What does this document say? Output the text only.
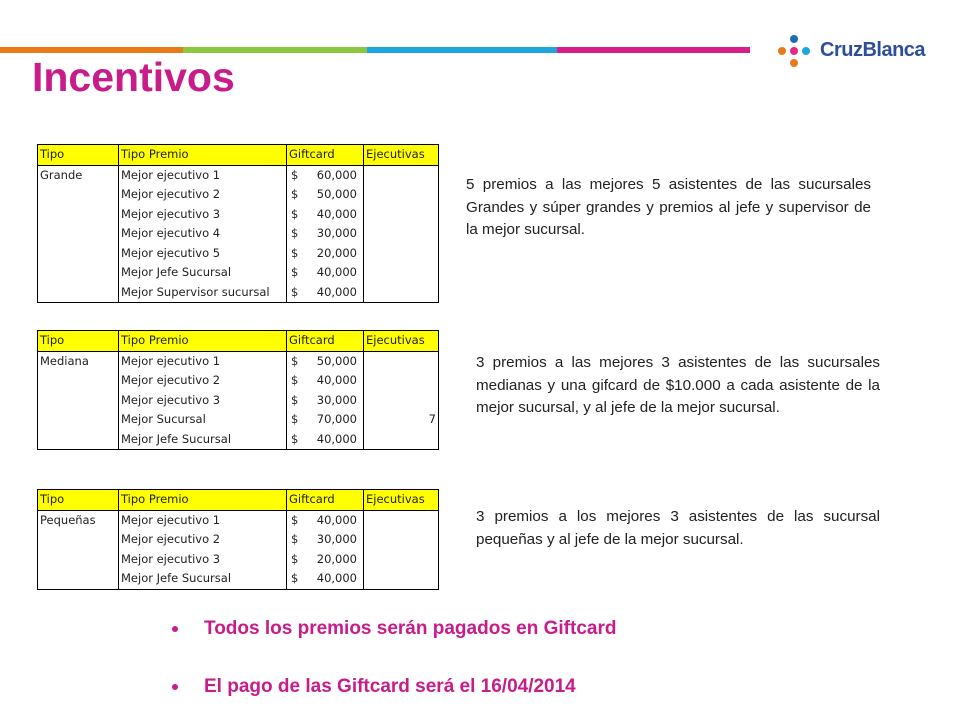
Incentivos
CruzBlanca
Tipo	Tipo Premio	Giftcard	Ejecutivas
Grande	Mejor ejecutivo 1	$ 60,000	
	Mejor ejecutivo 2	$ 50,000	
	Mejor ejecutivo 3	$ 40,000	
	Mejor ejecutivo 4	$ 30,000	
	Mejor ejecutivo 5	$ 20,000	
	Mejor Jefe Sucursal	$ 40,000	
	Mejor Supervisor sucursal	$ 40,000	

5 premios a las mejores 5 asistentes de las sucursales Grandes y súper grandes y premios al jefe y supervisor de la mejor sucursal.

Tipo	Tipo Premio	Giftcard	Ejecutivas
Mediana	Mejor ejecutivo 1	$ 50,000	
	Mejor ejecutivo 2	$ 40,000	
	Mejor ejecutivo 3	$ 30,000	
	Mejor Sucursal	$ 70,000	7
	Mejor Jefe Sucursal	$ 40,000	

3 premios a las mejores 3 asistentes de las sucursales medianas y una gifcard de $10.000 a cada asistente de la mejor sucursal, y al jefe de la mejor sucursal.

Tipo	Tipo Premio	Giftcard	Ejecutivas
Pequeñas	Mejor ejecutivo 1	$ 40,000	
	Mejor ejecutivo 2	$ 30,000	
	Mejor ejecutivo 3	$ 20,000	
	Mejor Jefe Sucursal	$ 40,000	

3 premios a los mejores 3 asistentes de las sucursal pequeñas y al jefe de la mejor sucursal.

Todos los premios serán pagados en Giftcard
El pago de las Giftcard será el 16/04/2014
